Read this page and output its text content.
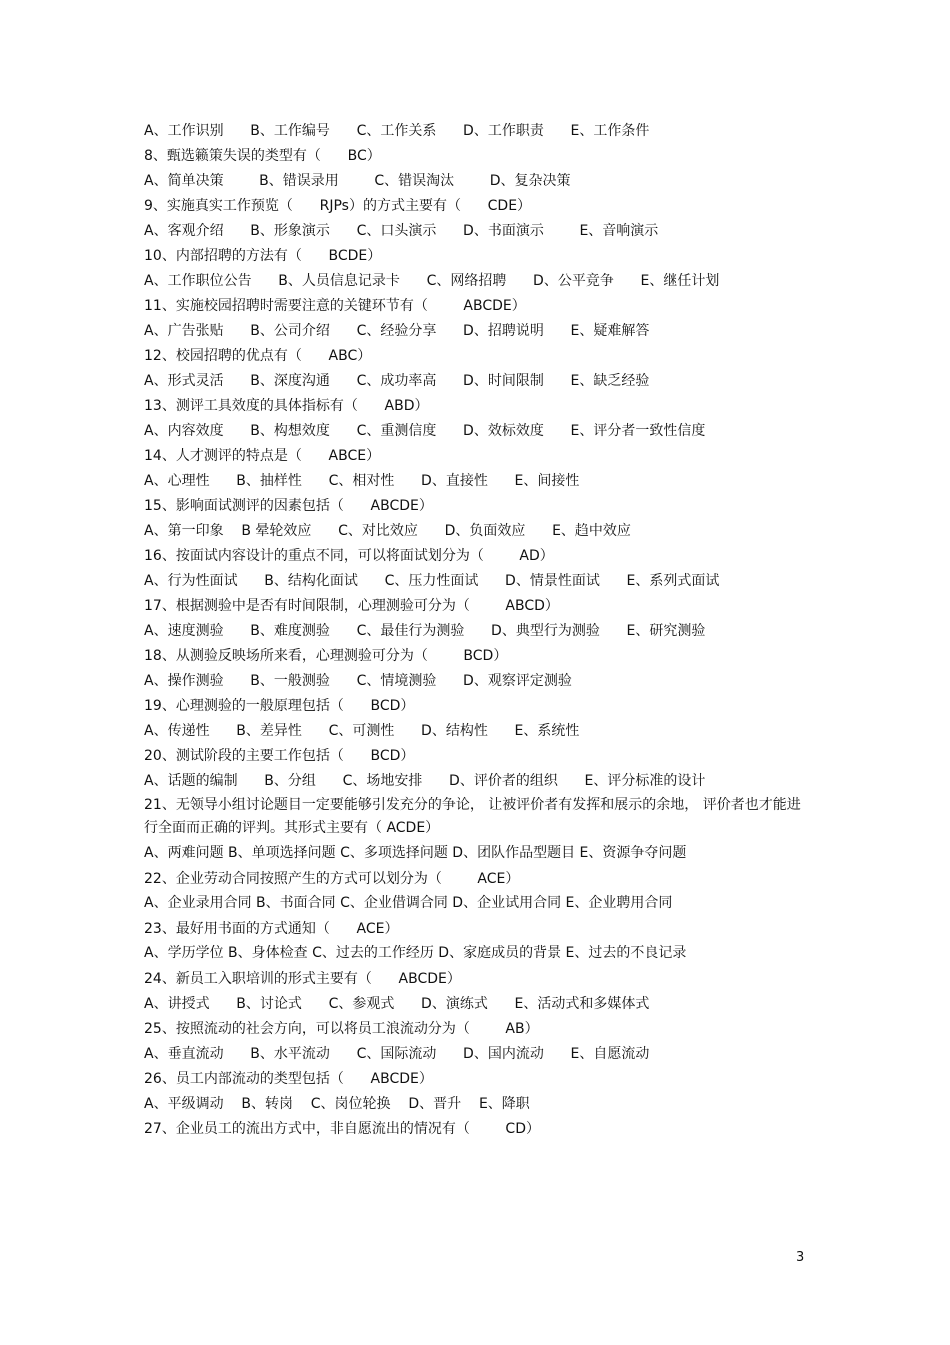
A、工作识别      B、工作编号      C、工作关系      D、工作职责      E、工作条件
8、甄选籁策失误的类型有（      BC）
A、简单决策        B、错误录用        C、错误淘汰        D、复杂决策
9、实施真实工作预览（      RJPs）的方式主要有（      CDE）
A、客观介绍      B、形象演示      C、口头演示      D、书面演示        E、音响演示
10、内部招聘的方法有（      BCDE）
A、工作职位公告      B、人员信息记录卡      C、网络招聘      D、公平竞争      E、继任计划
11、实施校园招聘时需要注意的关键环节有（        ABCDE）
A、广告张贴      B、公司介绍      C、经验分享      D、招聘说明      E、疑难解答
12、校园招聘的优点有（      ABC）
A、形式灵活      B、深度沟通      C、成功率高      D、时间限制      E、缺乏经验
13、测评工具效度的具体指标有（      ABD）
A、内容效度      B、构想效度      C、重测信度      D、效标效度      E、评分者一致性信度
14、人才测评的特点是（      ABCE）
A、心理性      B、抽样性      C、相对性      D、直接性      E、间接性
15、影响面试测评的因素包括（      ABCDE）
A、第一印象    B 晕轮效应      C、对比效应      D、负面效应      E、趋中效应
16、按面试内容设计的重点不同，可以将面试划分为（        AD）
A、行为性面试      B、结构化面试      C、压力性面试      D、情景性面试      E、系列式面试
17、根据测验中是否有时间限制，心理测验可分为（        ABCD）
A、速度测验      B、难度测验      C、最佳行为测验      D、典型行为测验      E、研究测验
18、从测验反映场所来看，心理测验可分为（        BCD）
A、操作测验      B、一般测验      C、情境测验      D、观察评定测验
19、心理测验的一般原理包括（      BCD）
A、传递性      B、差异性      C、可测性      D、结构性      E、系统性
20、测试阶段的主要工作包括（      BCD）
A、话题的编制      B、分组      C、场地安排      D、评价者的组织      E、评分标准的设计
21、无领导小组讨论题目一定要能够引发充分的争论， 让被评价者有发挥和展示的余地， 评价者也才能进行全面而正确的评判。其形式主要有（ ACDE）
A、两难问题 B、单项选择问题 C、多项选择问题 D、团队作品型题目 E、资源争夺问题
22、企业劳动合同按照产生的方式可以划分为（        ACE）
A、企业录用合同 B、书面合同 C、企业借调合同 D、企业试用合同 E、企业聘用合同
23、最好用书面的方式通知（      ACE）
A、学历学位 B、身体检查 C、过去的工作经历 D、家庭成员的背景 E、过去的不良记录
24、新员工入职培训的形式主要有（      ABCDE）
A、讲授式      B、讨论式      C、参观式      D、演练式      E、活动式和多媒体式
25、按照流动的社会方向，可以将员工浪流动分为（        AB）
A、垂直流动      B、水平流动      C、国际流动      D、国内流动      E、自愿流动
26、员工内部流动的类型包括（      ABCDE）
A、平级调动    B、转岗    C、岗位轮换    D、晋升    E、降职
27、企业员工的流出方式中，非自愿流出的情况有（        CD）
3
